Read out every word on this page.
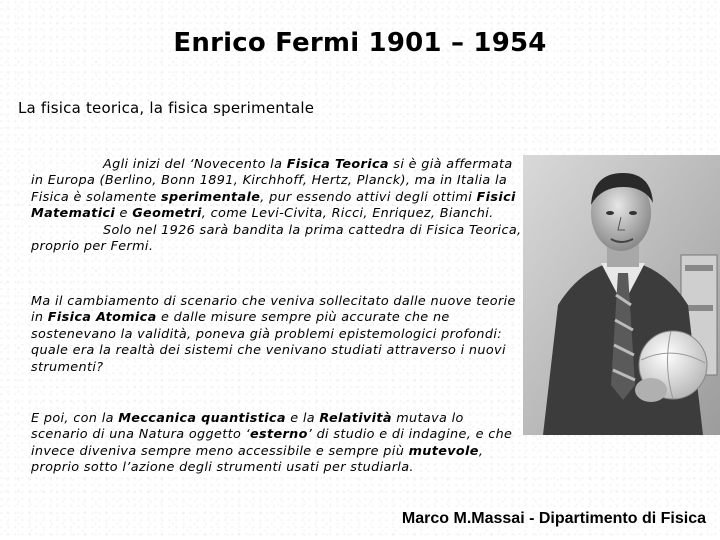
Enrico Fermi 1901 – 1954
La fisica teorica, la fisica sperimentale

Agli inizi del ‘Novecento la Fisica Teorica si è già affermata in Europa (Berlino, Bonn 1891, Kirchhoff, Hertz, Planck), ma in Italia la Fisica è solamente sperimentale, pur essendo attivi degli ottimi Fisici Matematici e Geometri, come Levi-Civita, Ricci, Enriquez, Bianchi.

Solo nel 1926 sarà bandita la prima cattedra di Fisica Teorica, proprio per Fermi.

Ma il cambiamento di scenario che veniva sollecitato dalle nuove teorie in Fisica Atomica e dalle misure sempre più accurate che ne sostenevano la validità, poneva già problemi epistemologici profondi:

quale era la realtà dei sistemi che venivano studiati attraverso i nuovi strumenti?

E poi, con la Meccanica quantistica e la Relatività mutava lo scenario di una Natura oggetto ‘esterno’ di studio e di indagine, e che invece diveniva sempre meno accessibile e sempre più mutevole, proprio sotto l’azione degli strumenti usati per studiarla.

Marco M.Massai - Dipartimento di Fisica
